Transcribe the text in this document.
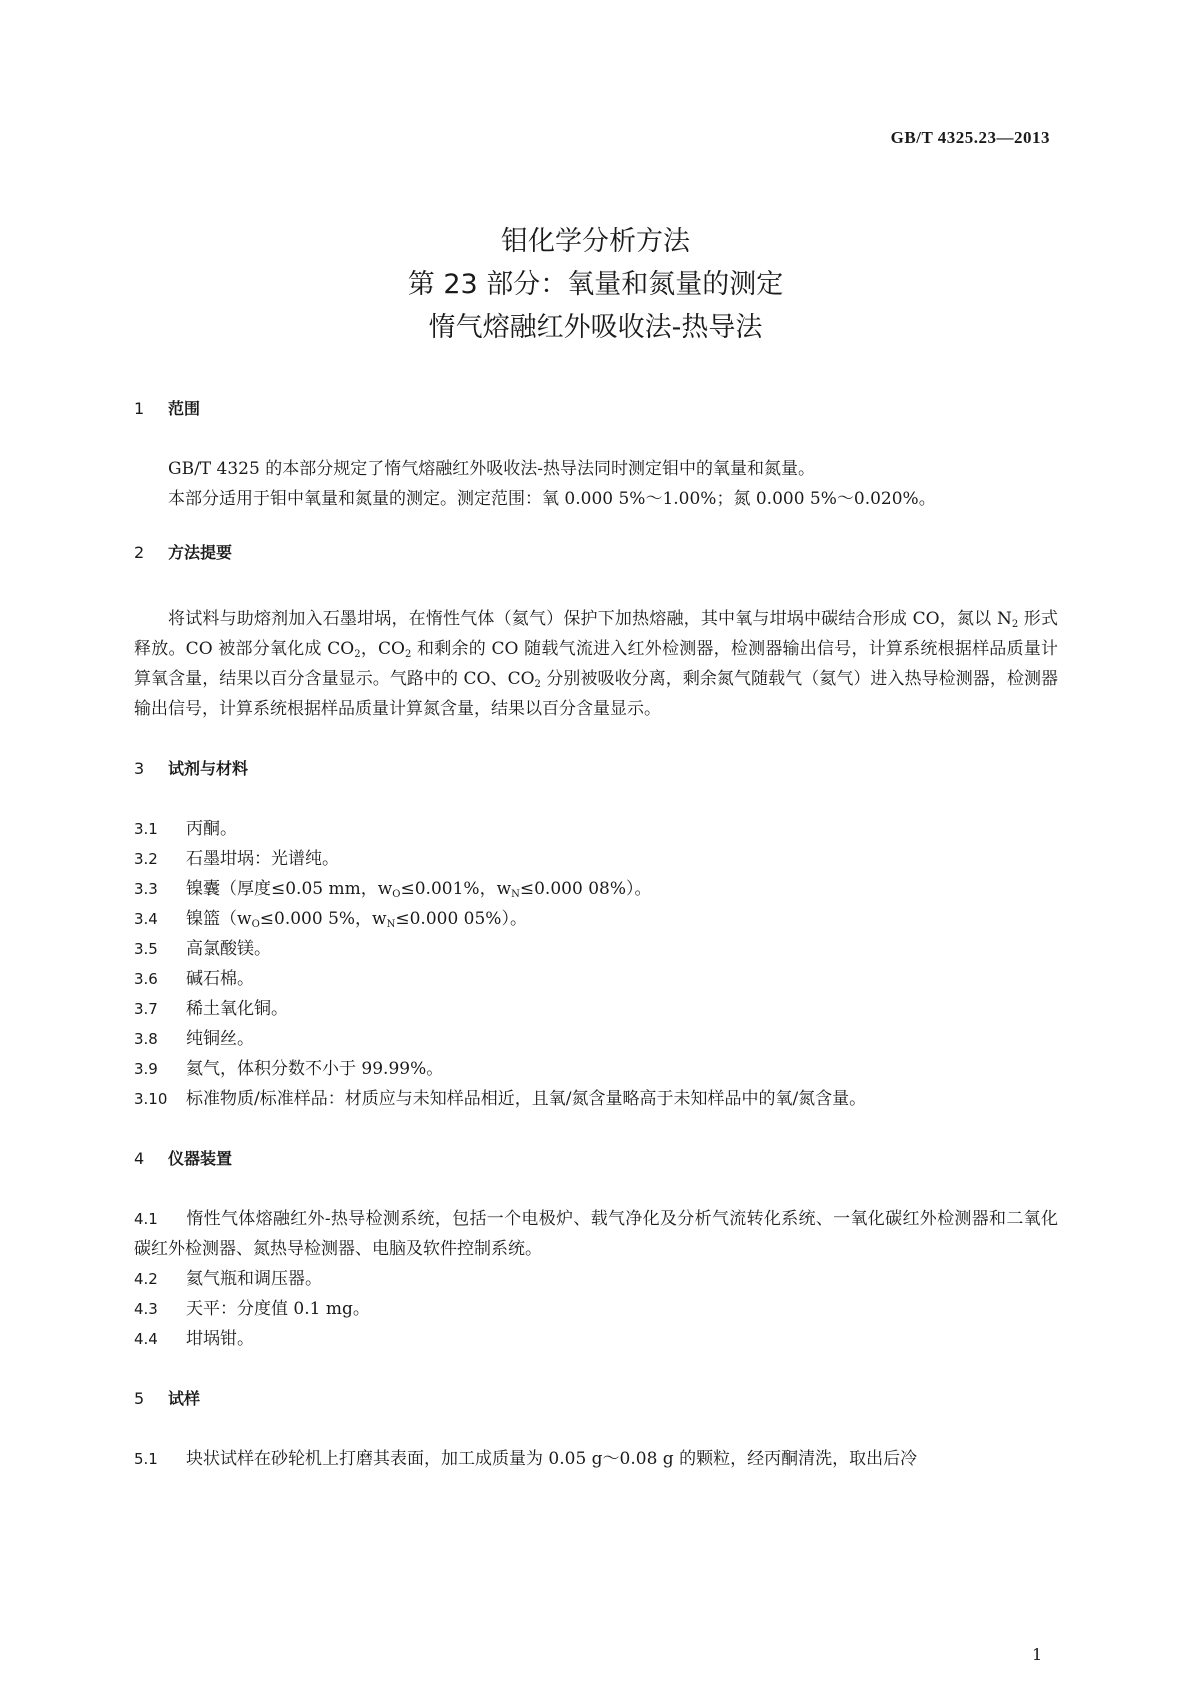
GB/T 4325.23—2013
钼化学分析方法
第 23 部分：氧量和氮量的测定
惰气熔融红外吸收法-热导法
1 范围

GB/T 4325 的本部分规定了惰气熔融红外吸收法-热导法同时测定钼中的氧量和氮量。

本部分适用于钼中氧量和氮量的测定。测定范围：氧 0.000 5%～1.00%；氮 0.000 5%～0.020%。

2 方法提要

将试料与助熔剂加入石墨坩埚，在惰性气体（氦气）保护下加热熔融，其中氧与坩埚中碳结合形成 CO，氮以 $N_2$ 形式释放。CO 被部分氧化成 $CO_2$，$CO_2$ 和剩余的 CO 随载气流进入红外检测器，检测器输出信号，计算系统根据样品质量计算氧含量，结果以百分含量显示。气路中的 CO、$CO_2$ 分别被吸收分离，剩余氮气随载气（氦气）进入热导检测器，检测器输出信号，计算系统根据样品质量计算氮含量，结果以百分含量显示。

3 试剂与材料

3.1 丙酮。

3.2 石墨坩埚：光谱纯。

3.3 镍囊（厚度≤0.05 mm，$w_O\le 0.001\%$，$w_N\le 0.000$ 08%）。

3.4 镍篮（$w_O\le 0.000$ 5%，$w_N\le 0.000$ 05%）。

3.5 高氯酸镁。

3.6 碱石棉。

3.7 稀土氧化铜。

3.8 纯铜丝。

3.9 氦气，体积分数不小于 99.99%。

3.10 标准物质/标准样品：材质应与未知样品相近，且氧/氮含量略高于未知样品中的氧/氮含量。

4 仪器装置

4.1 惰性气体熔融红外-热导检测系统，包括一个电极炉、载气净化及分析气流转化系统、一氧化碳红外检测器和二氧化碳红外检测器、氮热导检测器、电脑及软件控制系统。

4.2 氦气瓶和调压器。

4.3 天平：分度值 0.1 mg。

4.4 坩埚钳。

5 试样

5.1 块状试样在砂轮机上打磨其表面，加工成质量为 0.05 g～0.08 g 的颗粒，经丙酮清洗，取出后冷

1
